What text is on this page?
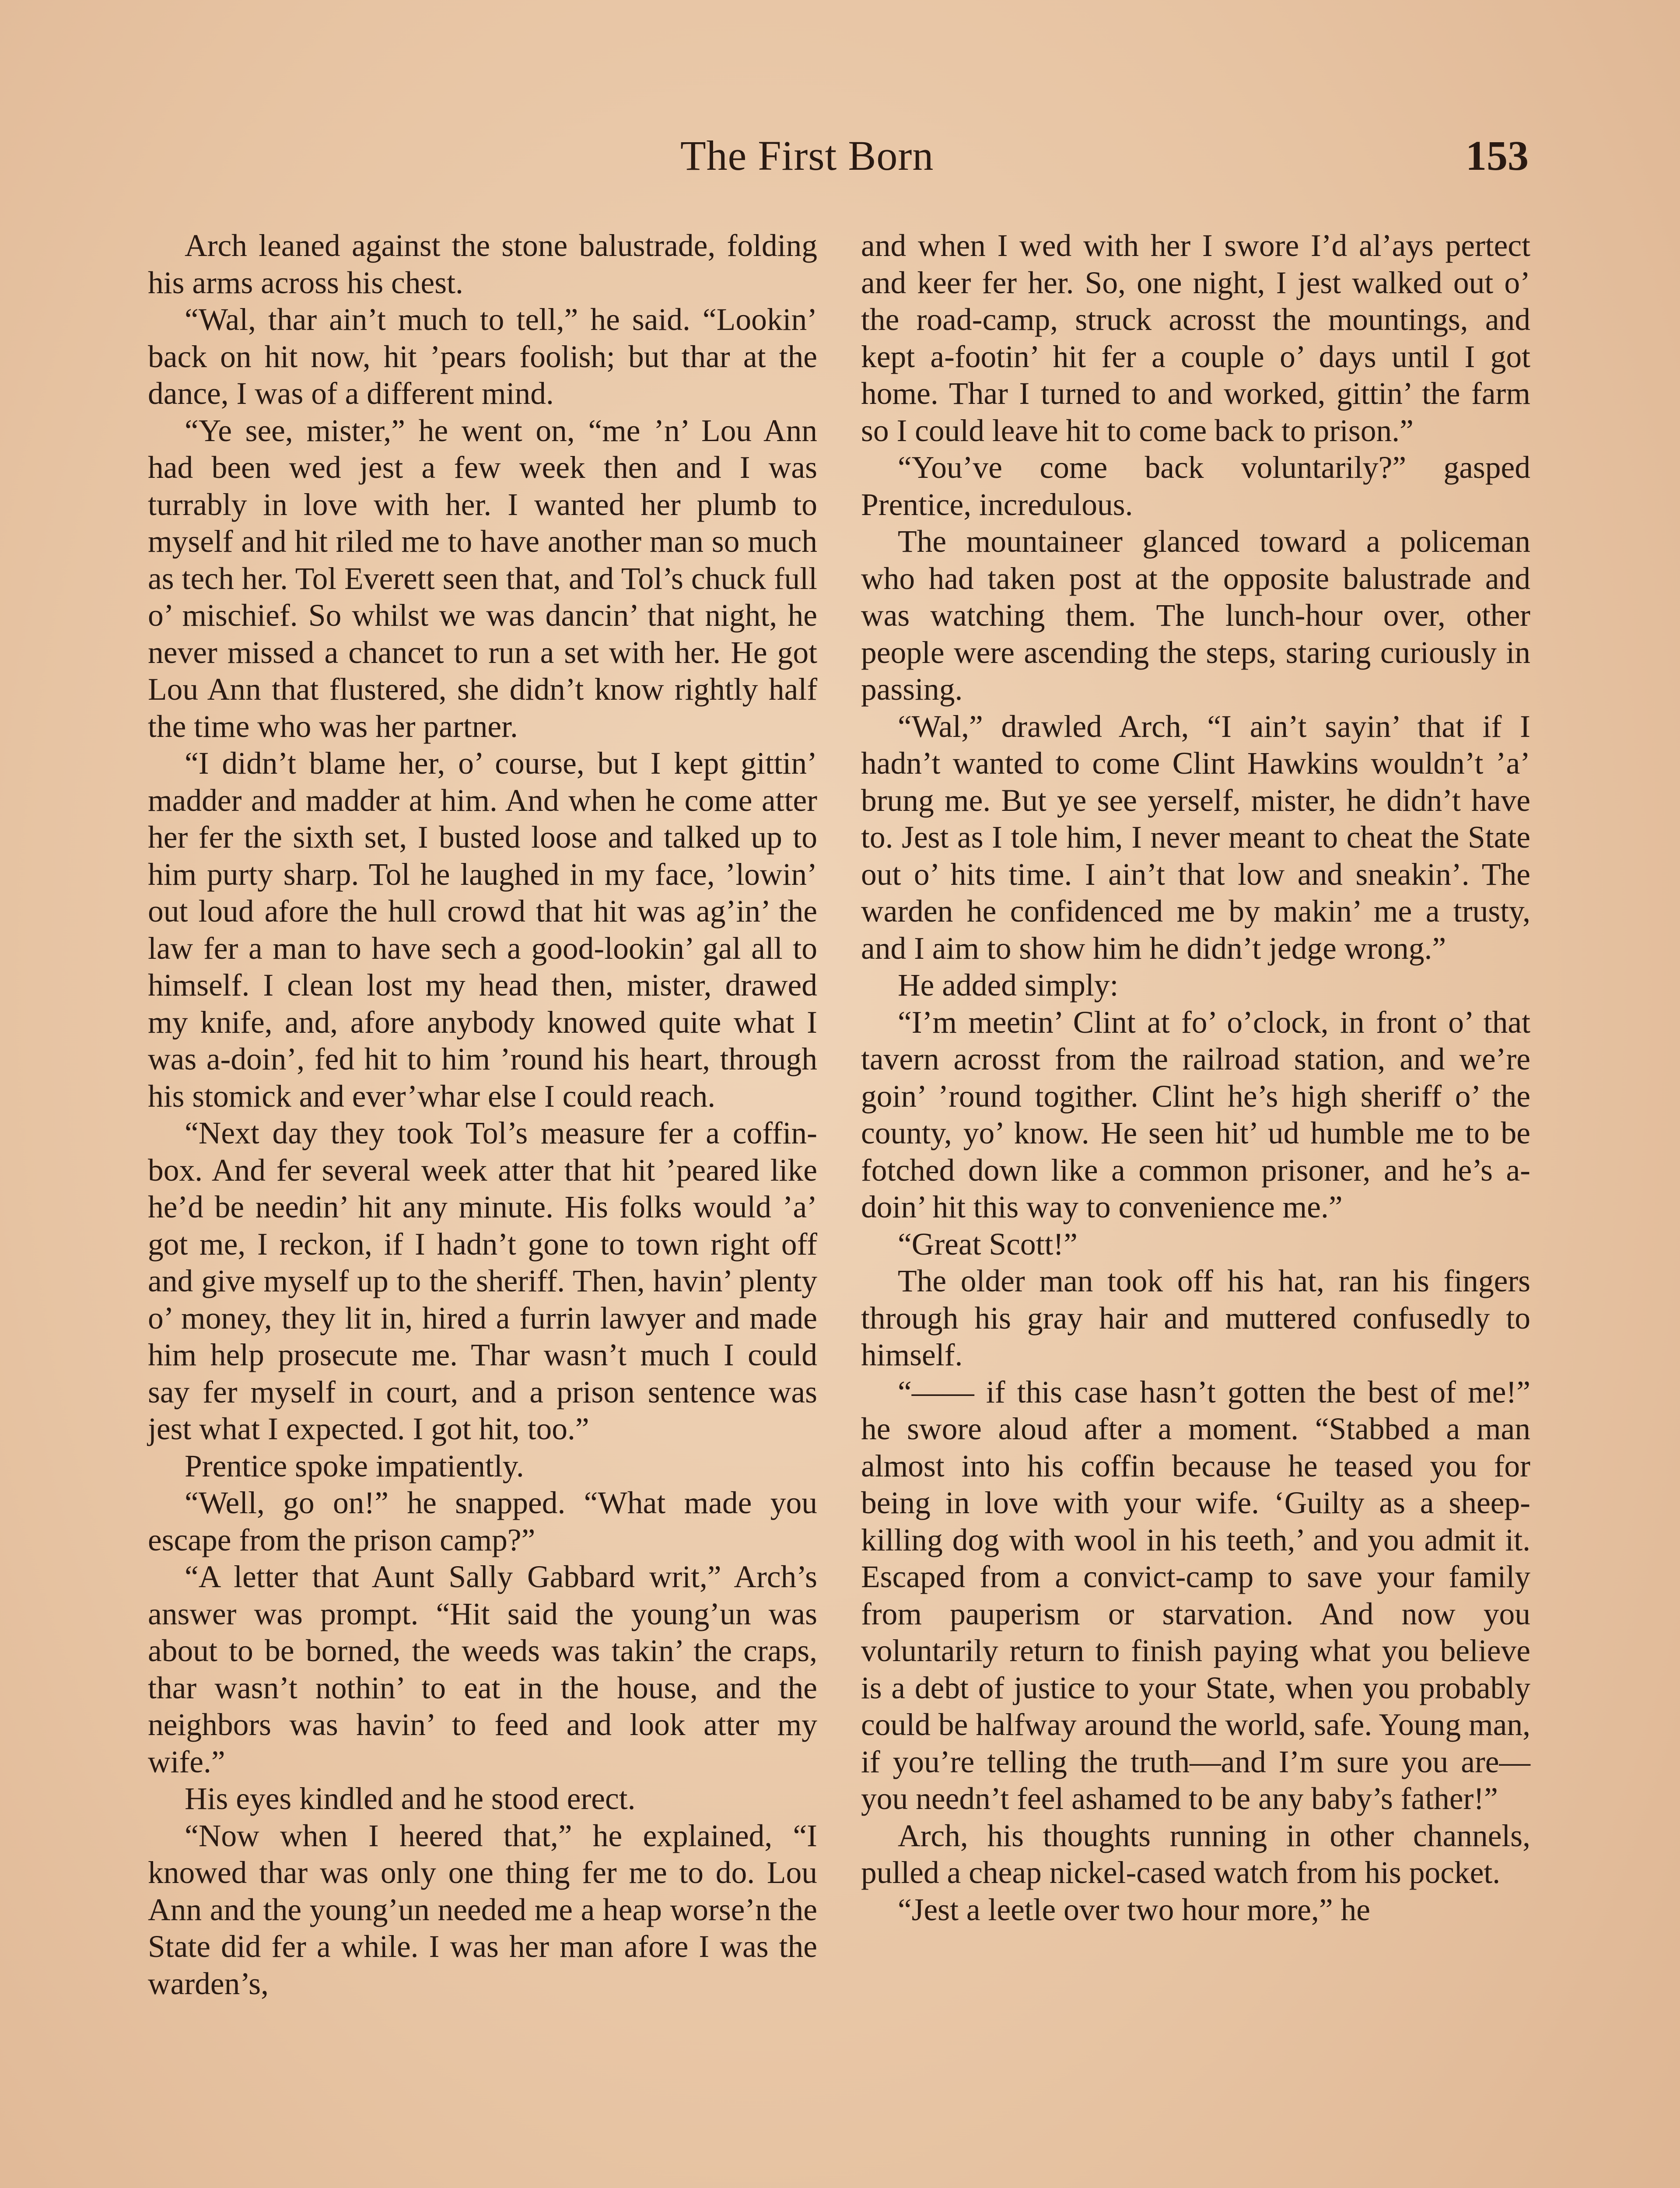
The First Born	153

Arch leaned against the stone balustrade, folding his arms across his chest.

“Wal, thar ain’t much to tell,” he said. “Lookin’ back on hit now, hit ’pears foolish; but thar at the dance, I was of a different mind.

“Ye see, mister,” he went on, “me ’n’ Lou Ann had been wed jest a few week then and I was turrably in love with her. I wanted her plumb to myself and hit riled me to have another man so much as tech her. Tol Everett seen that, and Tol’s chuck full o’ mischief. So whilst we was dancin’ that night, he never missed a chancet to run a set with her. He got Lou Ann that flustered, she didn’t know rightly half the time who was her partner.

“I didn’t blame her, o’ course, but I kept gittin’ madder and madder at him. And when he come atter her fer the sixth set, I busted loose and talked up to him purty sharp. Tol he laughed in my face, ’lowin’ out loud afore the hull crowd that hit was ag’in’ the law fer a man to have sech a good-lookin’ gal all to himself. I clean lost my head then, mister, drawed my knife, and, afore anybody knowed quite what I was a-doin’, fed hit to him ’round his heart, through his stomick and ever’whar else I could reach.

“Next day they took Tol’s measure fer a coffin-box. And fer several week atter that hit ’peared like he’d be needin’ hit any minute. His folks would ’a’ got me, I reckon, if I hadn’t gone to town right off and give myself up to the sheriff. Then, havin’ plenty o’ money, they lit in, hired a furrin lawyer and made him help prosecute me. Thar wasn’t much I could say fer myself in court, and a prison sentence was jest what I expected. I got hit, too.”

Prentice spoke impatiently.

“Well, go on!” he snapped. “What made you escape from the prison camp?”

“A letter that Aunt Sally Gabbard writ,” Arch’s answer was prompt. “Hit said the young’un was about to be borned, the weeds was takin’ the craps, thar wasn’t nothin’ to eat in the house, and the neighbors was havin’ to feed and look atter my wife.”

His eyes kindled and he stood erect.

“Now when I heered that,” he explained, “I knowed thar was only one thing fer me to do. Lou Ann and the young’un needed me a heap worse’n the State did fer a while. I was her man afore I was the warden’s,

and when I wed with her I swore I’d al’ays pertect and keer fer her. So, one night, I jest walked out o’ the road-camp, struck acrosst the mountings, and kept a-footin’ hit fer a couple o’ days until I got home. Thar I turned to and worked, gittin’ the farm so I could leave hit to come back to prison.”

“You’ve come back voluntarily?” gasped Prentice, incredulous.

The mountaineer glanced toward a policeman who had taken post at the opposite balustrade and was watching them. The lunch-hour over, other people were ascending the steps, staring curiously in passing.

“Wal,” drawled Arch, “I ain’t sayin’ that if I hadn’t wanted to come Clint Hawkins wouldn’t ’a’ brung me. But ye see yerself, mister, he didn’t have to. Jest as I tole him, I never meant to cheat the State out o’ hits time. I ain’t that low and sneakin’. The warden he confidenced me by makin’ me a trusty, and I aim to show him he didn’t jedge wrong.”

He added simply:

“I’m meetin’ Clint at fo’ o’clock, in front o’ that tavern acrosst from the railroad station, and we’re goin’ ’round togither. Clint he’s high sheriff o’ the county, yo’ know. He seen hit’ ud humble me to be fotched down like a common prisoner, and he’s a-doin’ hit this way to convenience me.”

“Great Scott!”

The older man took off his hat, ran his fingers through his gray hair and muttered confusedly to himself.

“—— if this case hasn’t gotten the best of me!” he swore aloud after a moment. “Stabbed a man almost into his coffin because he teased you for being in love with your wife. ‘Guilty as a sheep-killing dog with wool in his teeth,’ and you admit it. Escaped from a convict-camp to save your family from pauperism or starvation. And now you voluntarily return to finish paying what you believe is a debt of justice to your State, when you probably could be halfway around the world, safe. Young man, if you’re telling the truth—and I’m sure you are—you needn’t feel ashamed to be any baby’s father!”

Arch, his thoughts running in other channels, pulled a cheap nickel-cased watch from his pocket.

“Jest a leetle over two hour more,” he
